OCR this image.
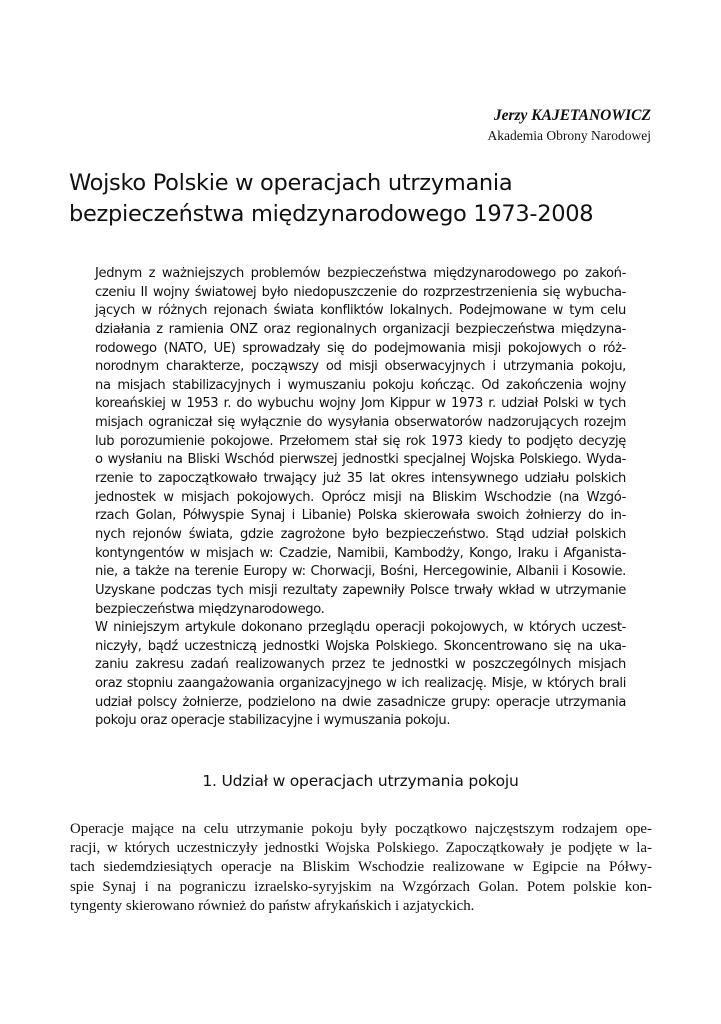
Jerzy KAJETANOWICZ
Akademia Obrony Narodowej
Wojsko Polskie w operacjach utrzymania
bezpieczeństwa międzynarodowego 1973-2008
Jednym z ważniejszych problemów bezpieczeństwa międzynarodowego po zakoń-
czeniu II wojny światowej było niedopuszczenie do rozprzestrzenienia się wybucha-
jących w różnych rejonach świata konfliktów lokalnych. Podejmowane w tym celu
działania z ramienia ONZ oraz regionalnych organizacji bezpieczeństwa międzyna-
rodowego (NATO, UE) sprowadzały się do podejmowania misji pokojowych o róż-
norodnym charakterze, począwszy od misji obserwacyjnych i utrzymania pokoju,
na misjach stabilizacyjnych i wymuszaniu pokoju kończąc. Od zakończenia wojny
koreańskiej w 1953 r. do wybuchu wojny Jom Kippur w 1973 r. udział Polski w tych
misjach ograniczał się wyłącznie do wysyłania obserwatorów nadzorujących rozejm
lub porozumienie pokojowe. Przełomem stał się rok 1973 kiedy to podjęto decyzję
o wysłaniu na Bliski Wschód pierwszej jednostki specjalnej Wojska Polskiego. Wyda-
rzenie to zapoczątkowało trwający już 35 lat okres intensywnego udziału polskich
jednostek w misjach pokojowych. Oprócz misji na Bliskim Wschodzie (na Wzgó-
rzach Golan, Półwyspie Synaj i Libanie) Polska skierowała swoich żołnierzy do in-
nych rejonów świata, gdzie zagrożone było bezpieczeństwo. Stąd udział polskich
kontyngentów w misjach w: Czadzie, Namibii, Kambodży, Kongo, Iraku i Afganista-
nie, a także na terenie Europy w: Chorwacji, Bośni, Hercegowinie, Albanii i Kosowie.
Uzyskane podczas tych misji rezultaty zapewniły Polsce trwały wkład w utrzymanie
bezpieczeństwa międzynarodowego.
W niniejszym artykule dokonano przeglądu operacji pokojowych, w których uczest-
niczyły, bądź uczestniczą jednostki Wojska Polskiego. Skoncentrowano się na uka-
zaniu zakresu zadań realizowanych przez te jednostki w poszczególnych misjach
oraz stopniu zaangażowania organizacyjnego w ich realizację. Misje, w których brali
udział polscy żołnierze, podzielono na dwie zasadnicze grupy: operacje utrzymania
pokoju oraz operacje stabilizacyjne i wymuszania pokoju.
1. Udział w operacjach utrzymania pokoju
Operacje mające na celu utrzymanie pokoju były początkowo najczęstszym rodzajem ope-
racji, w których uczestniczyły jednostki Wojska Polskiego. Zapoczątkowały je podjęte w la-
tach siedemdziesiątych operacje na Bliskim Wschodzie realizowane w Egipcie na Półwy-
spie Synaj i na pograniczu izraelsko-syryjskim na Wzgórzach Golan. Potem polskie kon-
tyngenty skierowano również do państw afrykańskich i azjatyckich.
